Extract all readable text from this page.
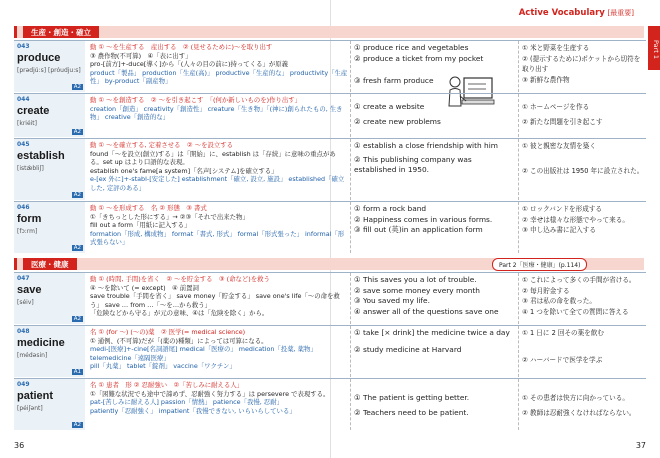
Active Vocabulary [最重要]
Part 1
生産・創造・確立
043
produce
[prədjú:s] [próudju:s]
A2
動 ① 〜を生産する　産出する　② (見せるために)〜を取り出す
③ 農作物(不可算)　④「表に出す」
pro-[前方]+-duce[導く]から「(人々の目の前に)持ってくる」が原義
product「製品」 production「生産(高)」 productive「生産的な」 productivity「生産性」 by-product「副産物」
① produce rice and vegetables
② produce a ticket from my pocket
③ fresh farm produce
① 米と野菜を生産する
② (提示するために)ポケットから切符を取り出す
③ 新鮮な農作物
044
create
[kriéit]
A2
動 ① 〜を創造する　② 〜を引き起こす　「(何か新しいものを)作り出す」
creation「創造」 creativity「創造性」 creature「生き物」「(神に)創られたもの, 生き物」 creative「創造的な」
① create a website
② create new problems
① ホームページを作る
② 新たな問題を引き起こす
045
establish
[istǽbliʃ]
A2
動 ① 〜を確立する, 定着させる　② 〜を設立する
found「〜を設立(創立)する」は「開始」に、establish は「存続」に意味の重点がある。set up はより口語的な表現。
establish one's fame[a system]「名声[システム]を確立する」
e-[ex 外に]+-stabl-[安定した] establishment「確立, 設立, 施設」 established「確立した, 定評のある」
① establish a close friendship with him
② This publishing company was established in 1950.
① 彼と親密な友情を築く
② この出版社は 1950 年に設立された。
046
form
[fɔ:rm]
A2
動 ① 〜を形成する　名 ② 形態　③ 書式
①「きちっとした形にする」→ ②③「それで出来た物」
fill out a form「用紙に記入する」
formation「形成, 構成物」 format「書式, 形式」 formal「形式張った」 informal「形式張らない」
① form a rock band
② Happiness comes in various forms.
③ fill out (英)in an application form
① ロックバンドを形成する
② 幸せは様々な形態でやって来る。
③ 申し込み書に記入する
医療・健康	Part 2「医療・健康」(p.114)
047
save
[séiv]
A2
動 ① (時間, 手間)を省く　② 〜を貯金する　③ (命など)を救う
④ 〜を除いて (= except)　④ 前置詞
save trouble「手間を省く」 save money「貯金する」 save one's life「〜の命を救う」 save … from …「〜を…から救う」
「危険などから守る」が元の意味、④は「危険を除く」から。
① This saves you a lot of trouble.
② save some money every month
③ You saved my life.
④ answer all of the questions save one
① これによって多くの手間が省ける。
② 毎月貯金する
③ 君は私の命を救った。
④ 1 つを除いて全ての質問に答える
048
medicine
[médəsin]
A1
名 ① (for 〜) (〜の)薬　② 医学(= medical science)
① 通例、(不可算)だが「(薬の)種類」によっては可算になる。
medi-[医療]+-cine[名詞語尾] medical「医療の」 medication「投薬, 薬物」 telemedicine「遠隔医療」
pill「丸薬」 tablet「錠剤」 vaccine「ワクチン」
① take [× drink] the medicine twice a day
② study medicine at Harvard
① 1 日に 2 回その薬を飲む
② ハーバードで医学を学ぶ
049
patient
[péiʃənt]
A2
名 ① 患者　形 ② 忍耐強い　②「苦しみに耐える人」
①「困難な状況でも途中で諦めず、忍耐強く努力する」は persevere で表現する。
pat-[苦しみに耐える人] passion「情熱」 patience「我慢, 忍耐」
patiently「忍耐強く」 impatient「我慢できない, いらいらしている」
① The patient is getting better.
② Teachers need to be patient.
① その患者は快方に向かっている。
② 教師は忍耐強くなければならない。
36	37
